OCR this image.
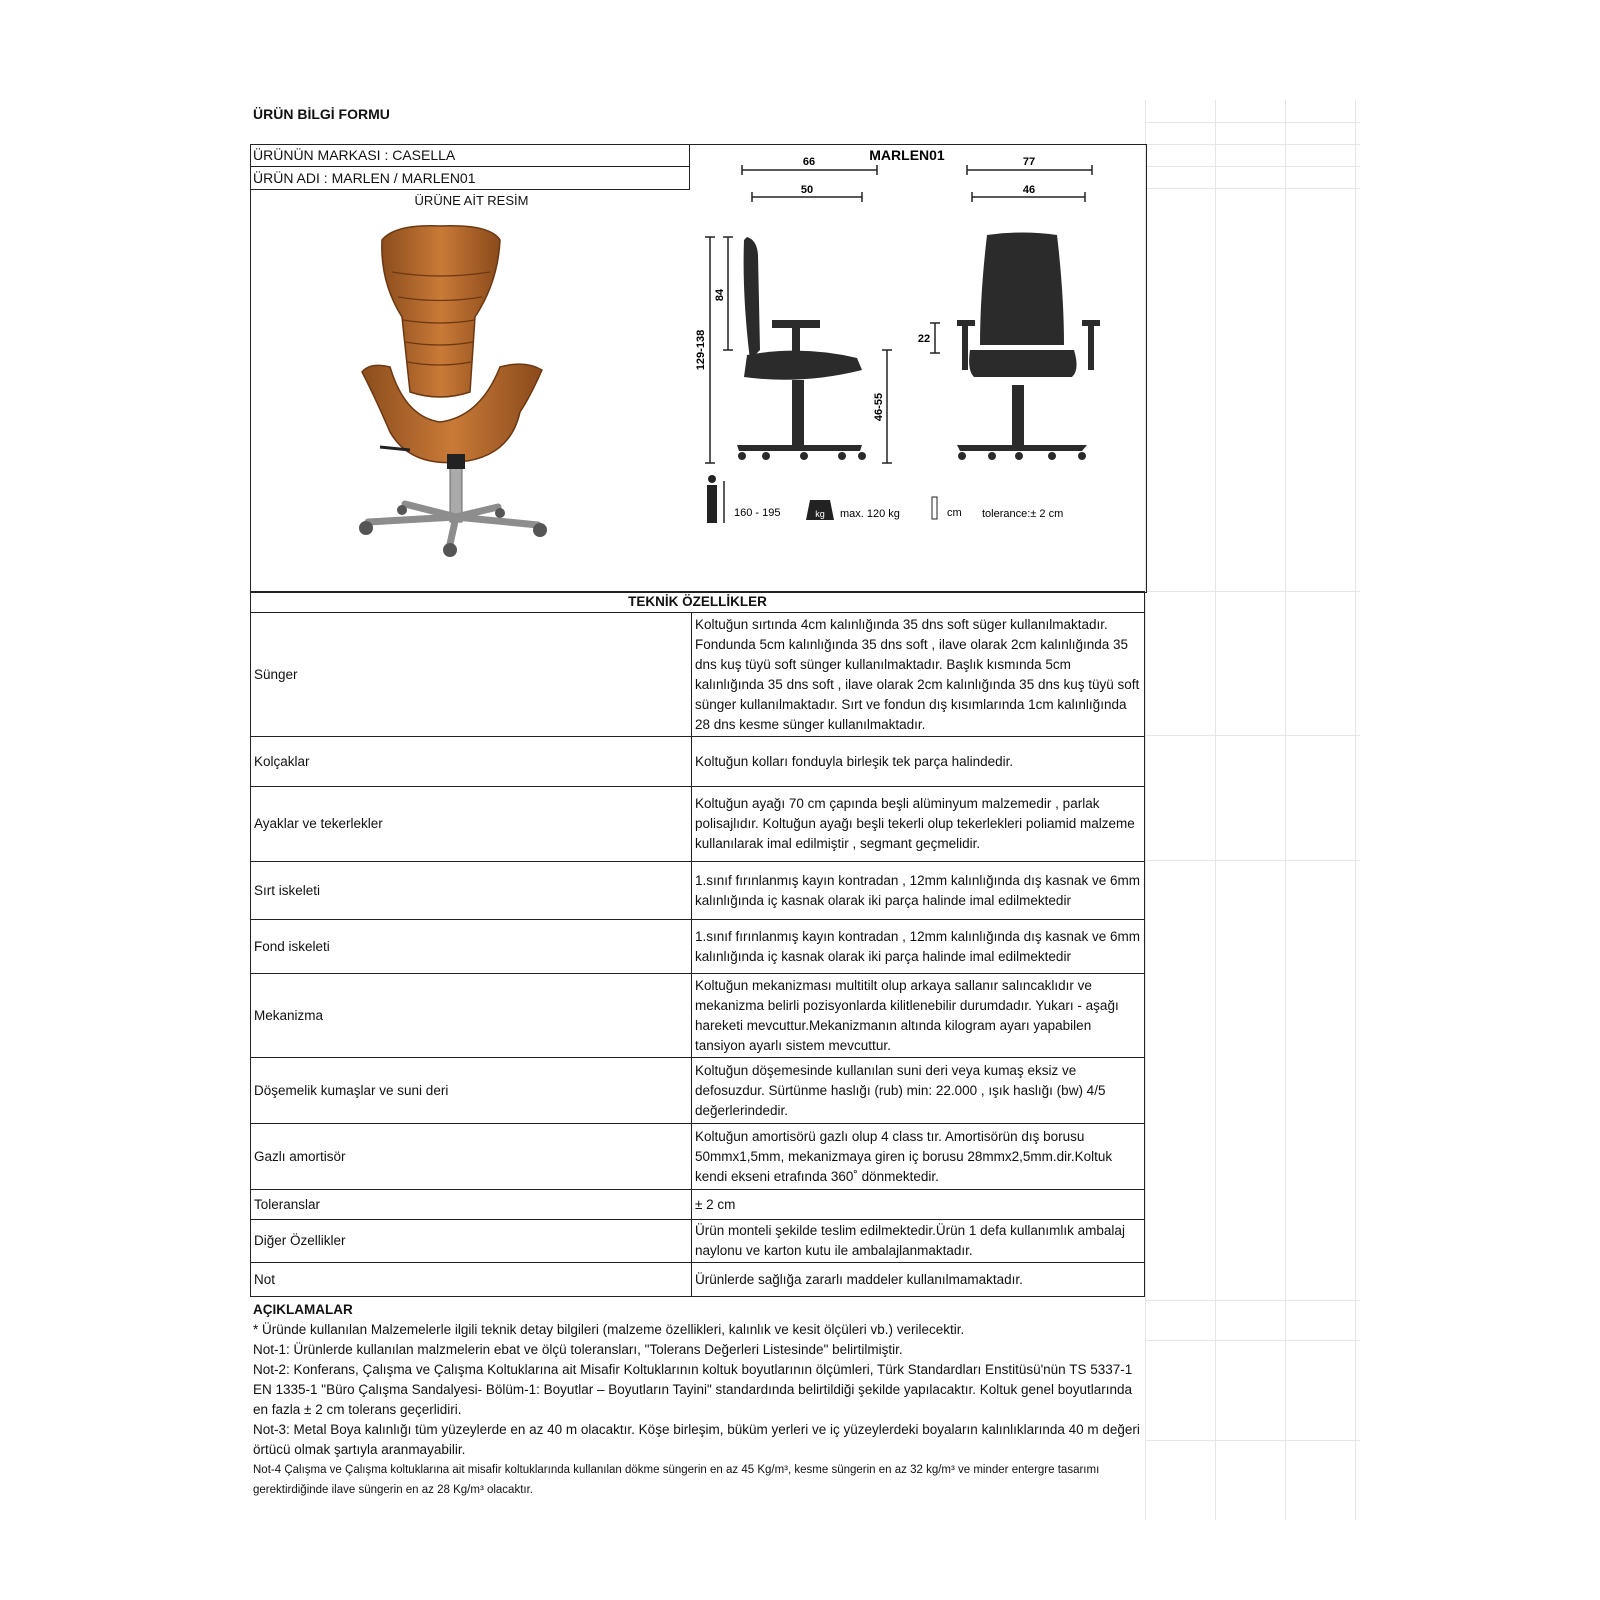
ÜRÜN BİLGİ FORMU
ÜRÜNÜN MARKASI : CASELLA
ÜRÜN ADI : MARLEN / MARLEN01
ÜRÜNE AİT RESİM
MARLEN01
66
50
77
46
129-138
84
46-55
22
160 - 195	kg max. 120 kg	cm tolerance:± 2 cm
TEKNİK ÖZELLİKLER	
Sünger	Koltuğun sırtında 4cm kalınlığında 35 dns soft süger kullanılmaktadır. Fondunda 5cm kalınlığında 35 dns soft , ilave olarak 2cm kalınlığında 35 dns kuş tüyü soft sünger kullanılmaktadır. Başlık kısmında 5cm kalınlığında 35 dns soft , ilave olarak 2cm kalınlığında 35 dns kuş tüyü soft sünger kullanılmaktadır. Sırt ve fondun dış kısımlarında 1cm kalınlığında 28 dns kesme sünger kullanılmaktadır.
Kolçaklar	Koltuğun kolları fonduyla birleşik tek parça halindedir.
Ayaklar ve tekerlekler	Koltuğun ayağı 70 cm çapında beşli alüminyum malzemedir , parlak polisajlıdır. Koltuğun ayağı beşli tekerli olup tekerlekleri poliamid malzeme kullanılarak imal edilmiştir , segmant geçmelidir.
Sırt iskeleti	1.sınıf fırınlanmış kayın kontradan , 12mm kalınlığında dış kasnak ve 6mm kalınlığında iç kasnak olarak iki parça halinde imal edilmektedir
Fond iskeleti	1.sınıf fırınlanmış kayın kontradan , 12mm kalınlığında dış kasnak ve 6mm kalınlığında iç kasnak olarak iki parça halinde imal edilmektedir
Mekanizma	Koltuğun mekanizması multitilt olup arkaya sallanır salıncaklıdır ve mekanizma belirli pozisyonlarda kilitlenebilir durumdadır. Yukarı - aşağı hareketi mevcuttur.Mekanizmanın altında kilogram ayarı yapabilen tansiyon ayarlı sistem mevcuttur.
Döşemelik kumaşlar ve suni deri	Koltuğun döşemesinde kullanılan suni deri veya kumaş eksiz ve defosuzdur. Sürtünme haslığı (rub) min: 22.000 , ışık haslığı (bw) 4/5 değerlerindedir.
Gazlı amortisör	Koltuğun amortisörü gazlı olup 4 class tır. Amortisörün dış borusu 50mmx1,5mm, mekanizmaya giren iç borusu 28mmx2,5mm.dir.Koltuk kendi ekseni etrafında 360˚ dönmektedir.
Toleranslar	± 2 cm
Diğer Özellikler	Ürün monteli şekilde teslim edilmektedir.Ürün 1 defa kullanımlık ambalaj naylonu ve karton kutu ile ambalajlanmaktadır.
Not	Ürünlerde sağlığa zararlı maddeler kullanılmamaktadır.
AÇIKLAMALAR
* Üründe kullanılan Malzemelerle ilgili teknik detay bilgileri (malzeme özellikleri, kalınlık ve kesit ölçüleri vb.) verilecektir.
Not-1: Ürünlerde kullanılan malzmelerin ebat ve ölçü toleransları, "Tolerans Değerleri Listesinde" belirtilmiştir.
Not-2: Konferans, Çalışma ve Çalışma Koltuklarına ait Misafir Koltuklarının koltuk boyutlarının ölçümleri, Türk Standardları Enstitüsü'nün TS 5337-1 EN 1335-1 "Büro Çalışma Sandalyesi- Bölüm-1: Boyutlar – Boyutların Tayini" standardında belirtildiği şekilde yapılacaktır. Koltuk genel boyutlarında en fazla ± 2 cm tolerans geçerlidiri.
Not-3: Metal Boya kalınlığı tüm yüzeylerde en az 40 m olacaktır. Köşe birleşim, büküm yerleri ve iç yüzeylerdeki boyaların kalınlıklarında 40 m değeri örtücü olmak şartıyla aranmayabilir.
Not-4 Çalışma ve Çalışma koltuklarına ait misafir koltuklarında kullanılan dökme süngerin en az 45 Kg/m³, kesme süngerin en az 32 kg/m³ ve minder entergre tasarımı gerektirdiğinde ilave süngerin en az 28 Kg/m³ olacaktır.
